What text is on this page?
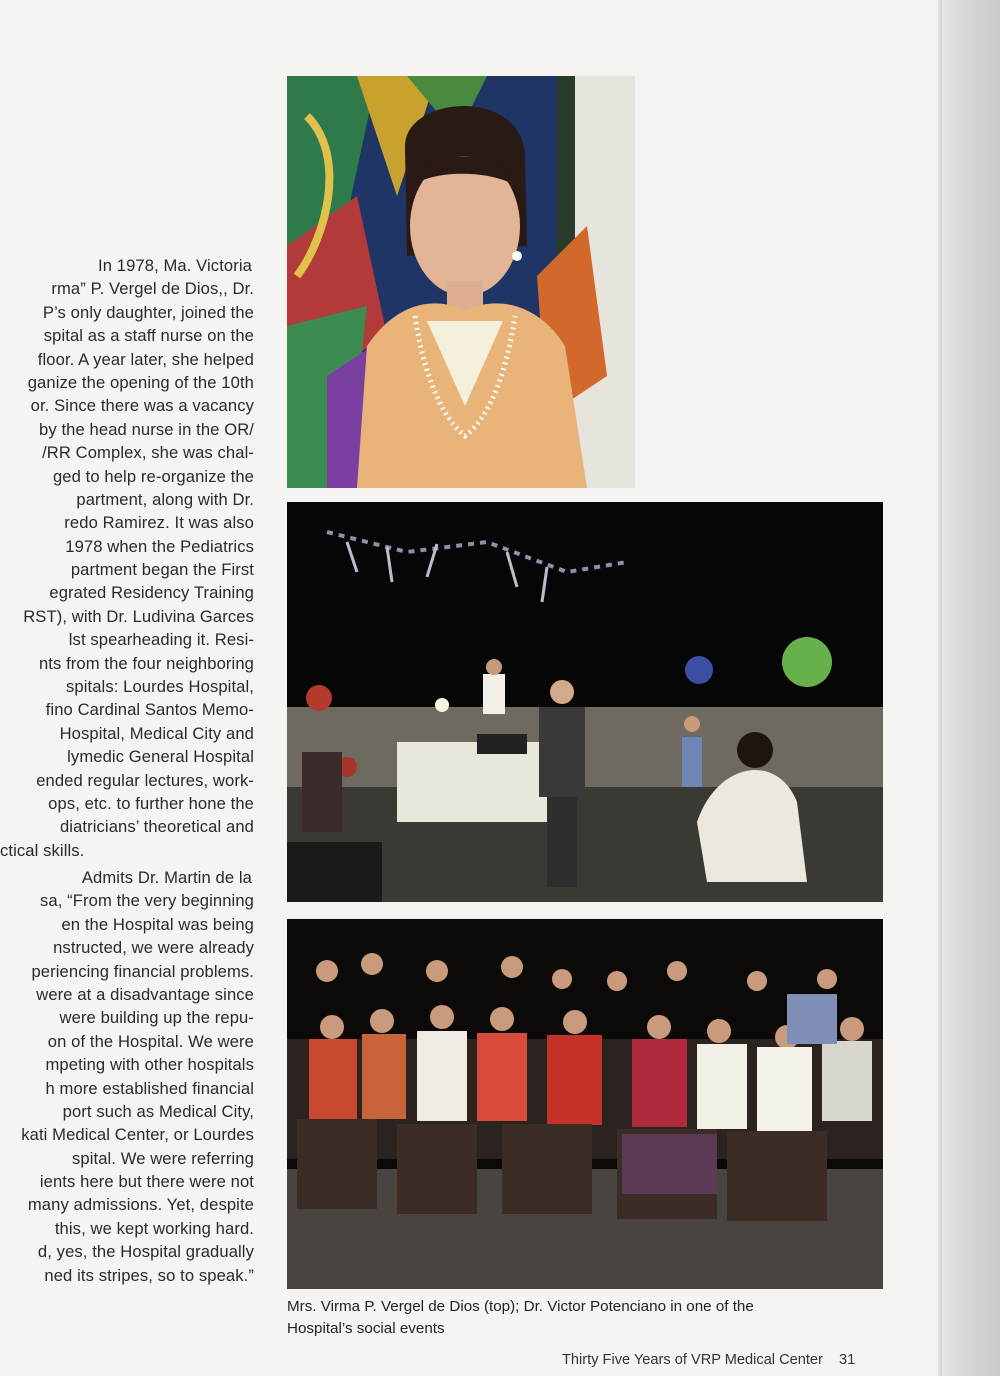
In 1978, Ma. Victoria
rma” P. Vergel de Dios,, Dr.
P’s only daughter, joined the
spital as a staff nurse on the
floor. A year later, she helped
ganize the opening of the 10th
or. Since there was a vacancy
by the head nurse in the OR/
/RR Complex, she was chal-
ged to help re-organize the
partment, along with Dr.
redo Ramirez. It was also
1978 when the Pediatrics
partment began the First
egrated Residency Training
RST), with Dr. Ludivina Garces
lst spearheading it. Resi-
nts from the four neighboring
spitals: Lourdes Hospital,
fino Cardinal Santos Memo-
Hospital, Medical City and
lymedic General Hospital
ended regular lectures, work-
ops, etc. to further hone the
diatricians’ theoretical and
ctical skills.
Admits Dr. Martin de la
sa, “From the very beginning
en the Hospital was being
nstructed, we were already
periencing financial problems.
were at a disadvantage since
were building up the repu-
on of the Hospital. We were
mpeting with other hospitals
h more established financial
port such as Medical City,
kati Medical Center, or Lourdes
spital. We were referring
ients here but there were not
many admissions. Yet, despite
this, we kept working hard.
d, yes, the Hospital gradually
ned its stripes, so to speak.”
Mrs. Virma P. Vergel de Dios (top); Dr. Victor Potenciano in one of the
Hospital’s social events
Thirty Five Years of VRP Medical Center 31
